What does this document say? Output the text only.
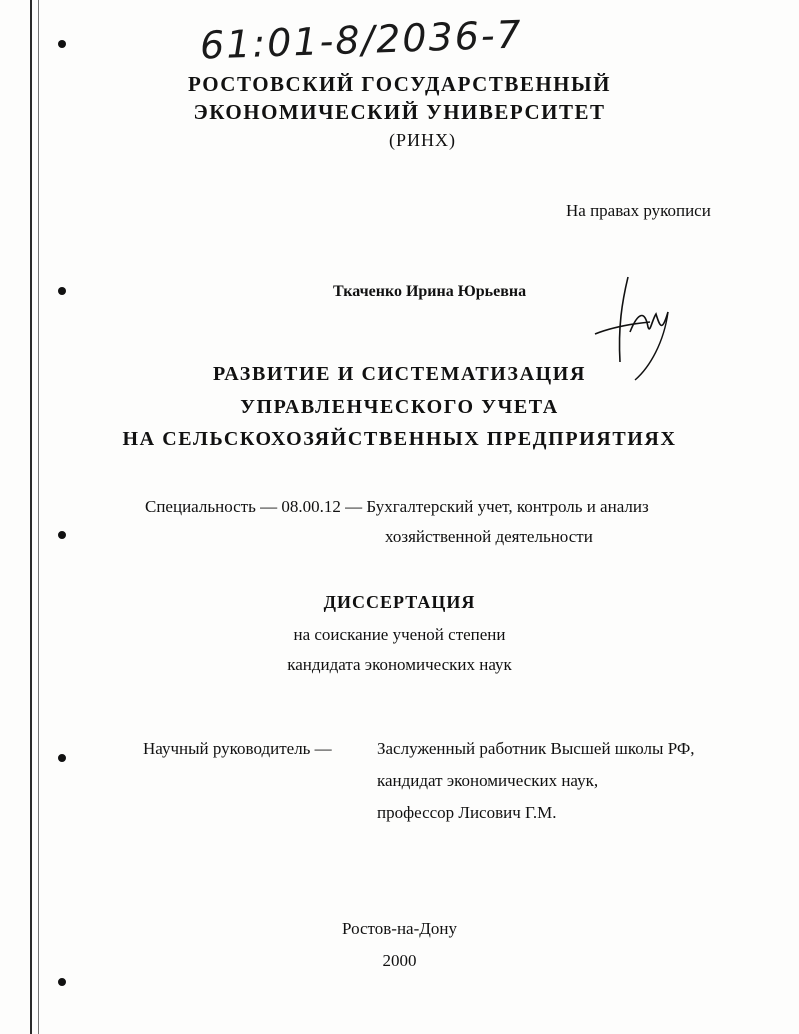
61:01-8/2036-7
РОСТОВСКИЙ ГОСУДАРСТВЕННЫЙ
ЭКОНОМИЧЕСКИЙ УНИВЕРСИТЕТ
(РИНХ)
На правах рукописи
Ткаченко Ирина Юрьевна
РАЗВИТИЕ И СИСТЕМАТИЗАЦИЯ
УПРАВЛЕНЧЕСКОГО УЧЕТА
НА СЕЛЬСКОХОЗЯЙСТВЕННЫХ ПРЕДПРИЯТИЯХ
Специальность — 08.00.12 — Бухгалтерский учет, контроль и анализ
хозяйственной деятельности
ДИССЕРТАЦИЯ
на соискание ученой степени
кандидата экономических наук
Научный руководитель —	Заслуженный работник Высшей школы РФ,
кандидат экономических наук,
профессор Лисович Г.М.
Ростов-на-Дону
2000
